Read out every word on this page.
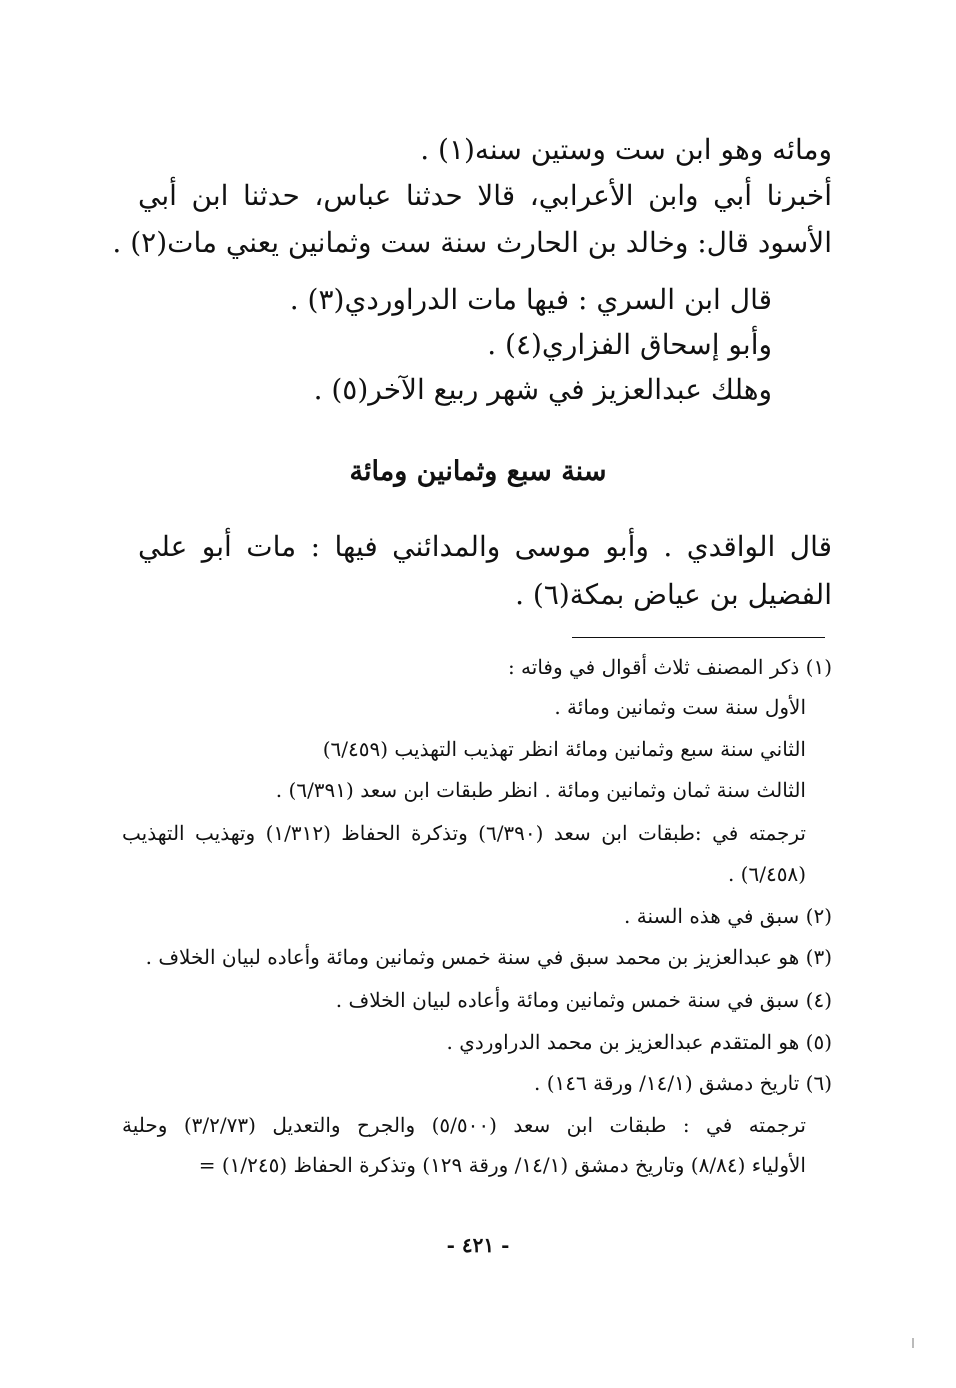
ومائه وهو ابن ست وستين سنه(١) .
أخبرنا أبي وابن الأعرابي، قالا حدثنا عباس، حدثنا ابن أبي
الأسود قال: وخالد بن الحارث سنة ست وثمانين يعني مات(٢) .
قال ابن السري : فيها مات الدراوردي(٣) .
وأبو إسحاق الفزاري(٤) .
وهلك عبدالعزيز في شهر ربيع الآخر(٥) .
سنة سبع وثمانين ومائة
قال الواقدي . وأبو موسى والمدائني فيها : مات أبو علي
الفضيل بن عياض بمكة(٦) .
(١) ذكر المصنف ثلاث أقوال في وفاته :
الأول سنة ست وثمانين ومائة .
الثاني سنة سبع وثمانين ومائة انظر تهذيب التهذيب (٦/٤٥٩)
الثالث سنة ثمان وثمانين ومائة . انظر طبقات ابن سعد (٦/٣٩١) .
ترجمته في :طبقات ابن سعد (٦/٣٩٠) وتذكرة الحفاظ (١/٣١٢) وتهذيب التهذيب
(٦/٤٥٨) .
(٢) سبق في هذه السنة .
(٣) هو عبدالعزيز بن محمد سبق في سنة خمس وثمانين ومائة وأعاده لبيان الخلاف .
(٤) سبق في سنة خمس وثمانين ومائة وأعاده لبيان الخلاف .
(٥) هو المتقدم عبدالعزيز بن محمد الدراوردي .
(٦) تاريخ دمشق (١٤/١/ ورقة ١٤٦) .
ترجمته في : طبقات ابن سعد (٥/٥٠٠) والجرح والتعديل (٣/٢/٧٣) وحلية
الأولياء (٨/٨٤) وتاريخ دمشق (١٤/١/ ورقة ١٢٩) وتذكرة الحفاظ (١/٢٤٥) =
- ٤٢١ -
